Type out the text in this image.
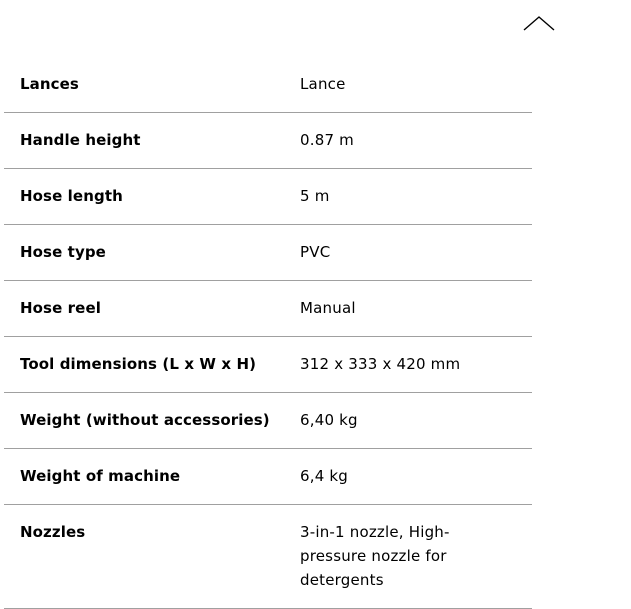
Lances	Lance
Handle height	0.87 m
Hose length	5 m
Hose type	PVC
Hose reel	Manual
Tool dimensions (L x W x H)	312 x 333 x 420 mm
Weight (without accessories)	6,40 kg
Weight of machine	6,4 kg
Nozzles	3-in-1 nozzle, High-pressure nozzle for detergents
